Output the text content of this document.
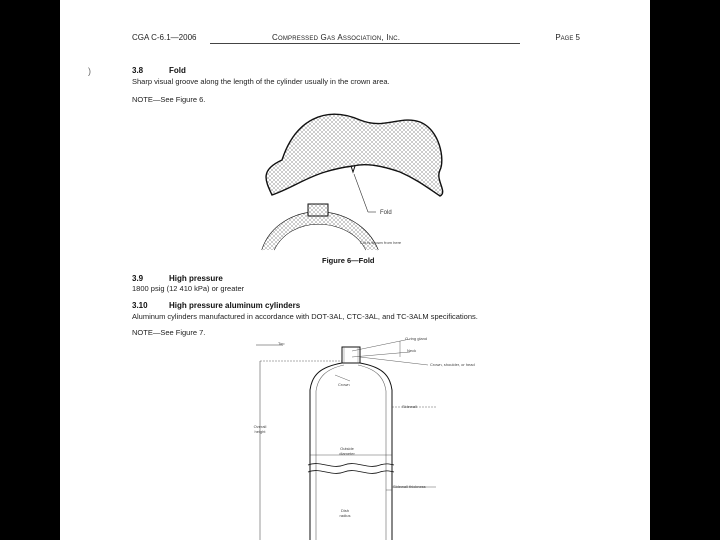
)
CGA C-6.1—2006	Compressed Gas Association, Inc.	Page 5
3.8	Fold
Sharp visual groove along the length of the cylinder usually in the crown area.
NOTE—See Figure 6.
Fold
Cut is shown from here
Figure 6—Fold
3.9	High pressure
1800 psig (12 410 kPa) or greater
3.10	High pressure aluminum cylinders
Aluminum cylinders manufactured in accordance with DOT-3AL, CTC-3AL, and TC-3ALM specifications.
NOTE—See Figure 7.
Top
O-ring gland
Neck
Crown, shoulder, or head
Crown
Sidewall
Overall
height
Outside
diameter
Sidewall thickness
Dish
radius
